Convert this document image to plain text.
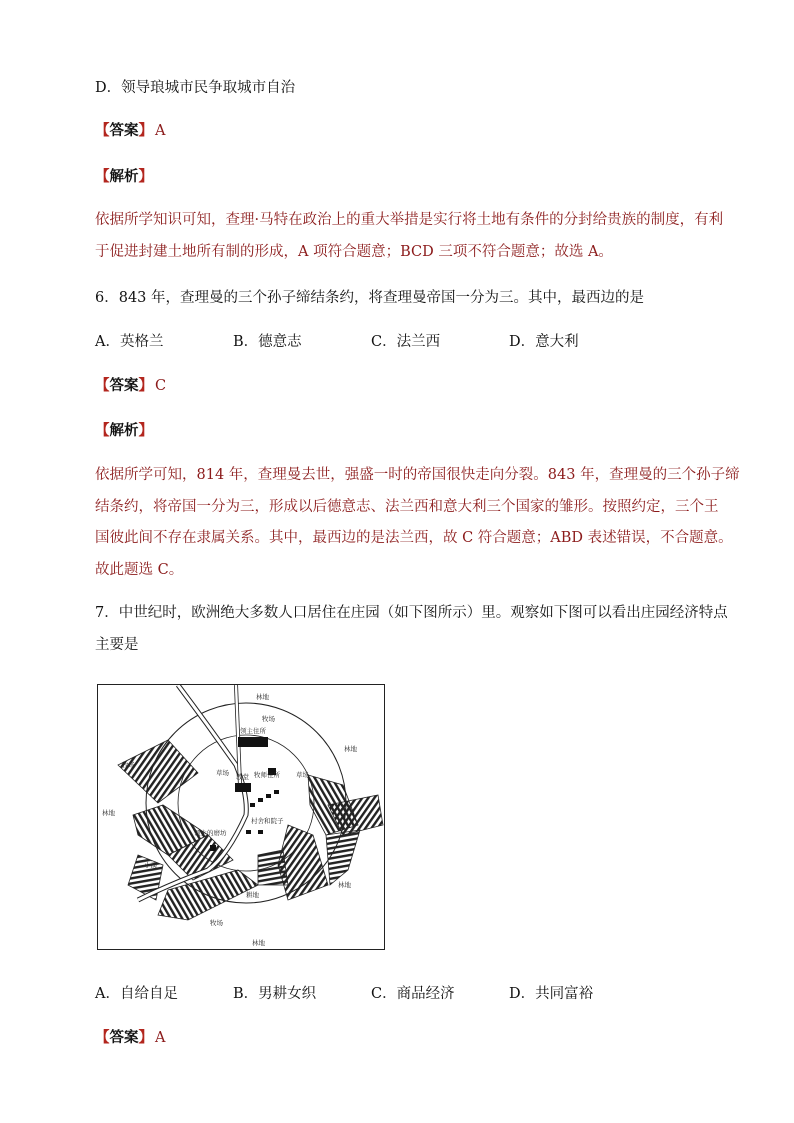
D．领导琅城市民争取城市自治
【答案】 A
【解析】
依据所学知识可知，查理·马特在政治上的重大举措是实行将土地有条件的分封给贵族的制度，有利
于促进封建土地所有制的形成，A 项符合题意；BCD 三项不符合题意；故选 A。
6．843 年，查理曼的三个孙子缔结条约，将查理曼帝国一分为三。其中，最西边的是
A．英格兰	B．德意志	C．法兰西	D．意大利
【答案】 C
【解析】
依据所学可知，814 年，查理曼去世，强盛一时的帝国很快走向分裂。843 年，查理曼的三个孙子缔
结条约，将帝国一分为三，形成以后德意志、法兰西和意大利三个国家的雏形。按照约定，三个王
国彼此间不存在隶属关系。其中，最西边的是法兰西，故 C 符合题意；ABD 表述错误，不合题意。
故此题选 C。
7．中世纪时，欧洲绝大多数人口居住在庄园（如下图所示）里。观察如下图可以看出庄园经济特点
主要是
林地
牧场
领主住所
林地
牧场
草场	牧师住所 草场
教堂
林地
村舍和院子
领主的磨坊
小溪
林地
耕地
牧场
林地
A．自给自足	B．男耕女织	C．商品经济	D．共同富裕
【答案】 A
